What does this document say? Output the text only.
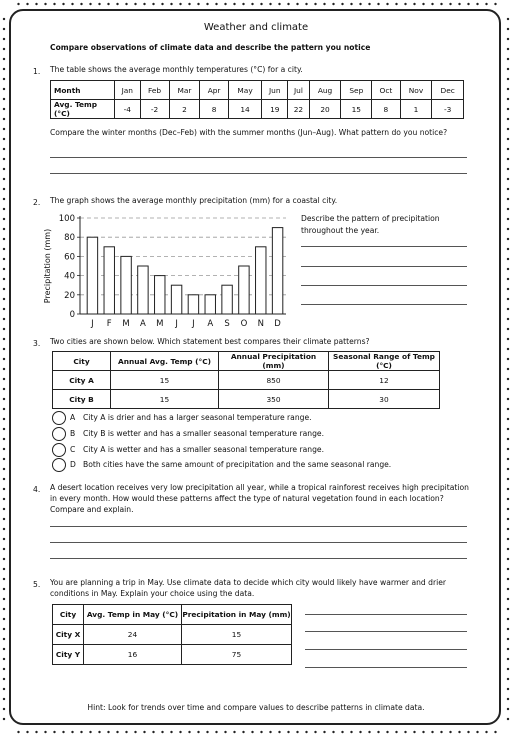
Weather and climate
Compare observations of climate data and describe the pattern you notice
1. The table shows the average monthly temperatures (°C) for a city.
Month	Jan	Feb	Mar	Apr	May	Jun	Jul	Aug	Sep	Oct	Nov	Dec
Avg. Temp (°C)	-4	-2	2	8	14	19	22	20	15	8	1	-3
Compare the winter months (Dec–Feb) with the summer months (Jun–Aug). What pattern do you notice?
2. The graph shows the average monthly precipitation (mm) for a coastal city.
0
20
40
60
80
100
J F M A M J J A S O N D
Precipitation (mm)
Describe the pattern of precipitation throughout the year.
3. Two cities are shown below. Which statement best compares their climate patterns?
City	Annual Avg. Temp (°C)	Annual Precipitation (mm)	Seasonal Range of Temp (°C)
City A	15	850	12
City B	15	350	30
A City A is drier and has a larger seasonal temperature range.
B City B is wetter and has a smaller seasonal temperature range.
C City A is wetter and has a smaller seasonal temperature range.
D Both cities have the same amount of precipitation and the same seasonal range.
4. A desert location receives very low precipitation all year, while a tropical rainforest receives high precipitation
in every month. How would these patterns affect the type of natural vegetation found in each location?
Compare and explain.
5. You are planning a trip in May. Use climate data to decide which city would likely have warmer and drier
conditions in May. Explain your choice using the data.
City	Avg. Temp in May (°C)	Precipitation in May (mm)
City X	24	15
City Y	16	75
Hint: Look for trends over time and compare values to describe patterns in climate data.
